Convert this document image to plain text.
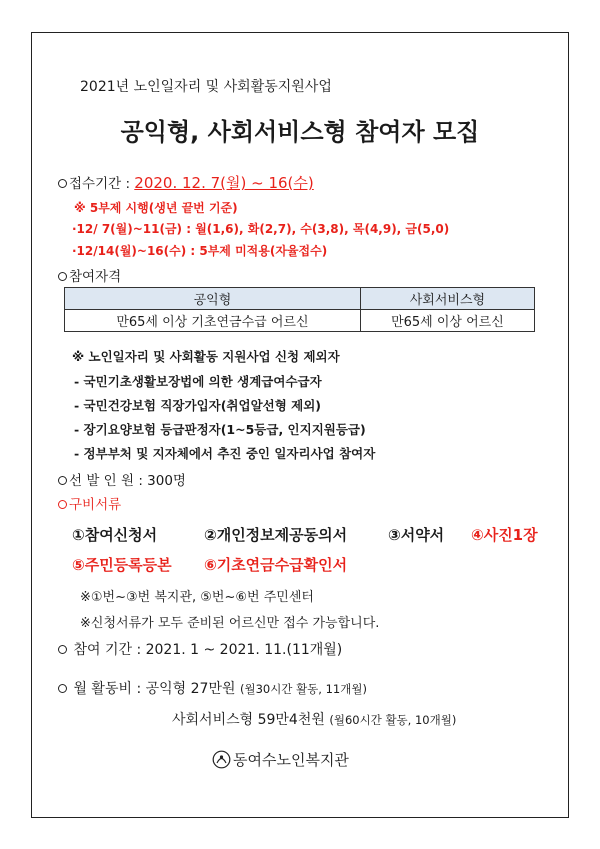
2021년 노인일자리 및 사회활동지원사업
공익형, 사회서비스형 참여자 모집
접수기간 : 2020. 12. 7(월) ~ 16(수)
※ 5부제 시행(생년 끝번 기준)
·12/ 7(월)~11(금) : 월(1,6), 화(2,7), 수(3,8), 목(4,9), 금(5,0)
·12/14(월)~16(수) : 5부제 미적용(자율접수)
참여자격
공익형	사회서비스형
만65세 이상 기초연금수급 어르신	만65세 이상 어르신
※ 노인일자리 및 사회활동 지원사업 신청 제외자
- 국민기초생활보장법에 의한 생계급여수급자
- 국민건강보험 직장가입자(취업알선형 제외)
- 장기요양보험 등급판정자(1~5등급, 인지지원등급)
- 정부부처 및 지자체에서 추진 중인 일자리사업 참여자
선 발 인 원 : 300명
구비서류
①참여신청서	②개인정보제공동의서	③서약서 ④사진1장
⑤주민등록등본 ⑥기초연금수급확인서
※①번~③번 복지관, ⑤번~⑥번 주민센터
※신청서류가 모두 준비된 어르신만 접수 가능합니다.
참여 기간 : 2021. 1 ~ 2021. 11.(11개월)
월 활동비 : 공익형 27만원 (월30시간 활동, 11개월)
사회서비스형 59만4천원 (월60시간 활동, 10개월)
동여수노인복지관
